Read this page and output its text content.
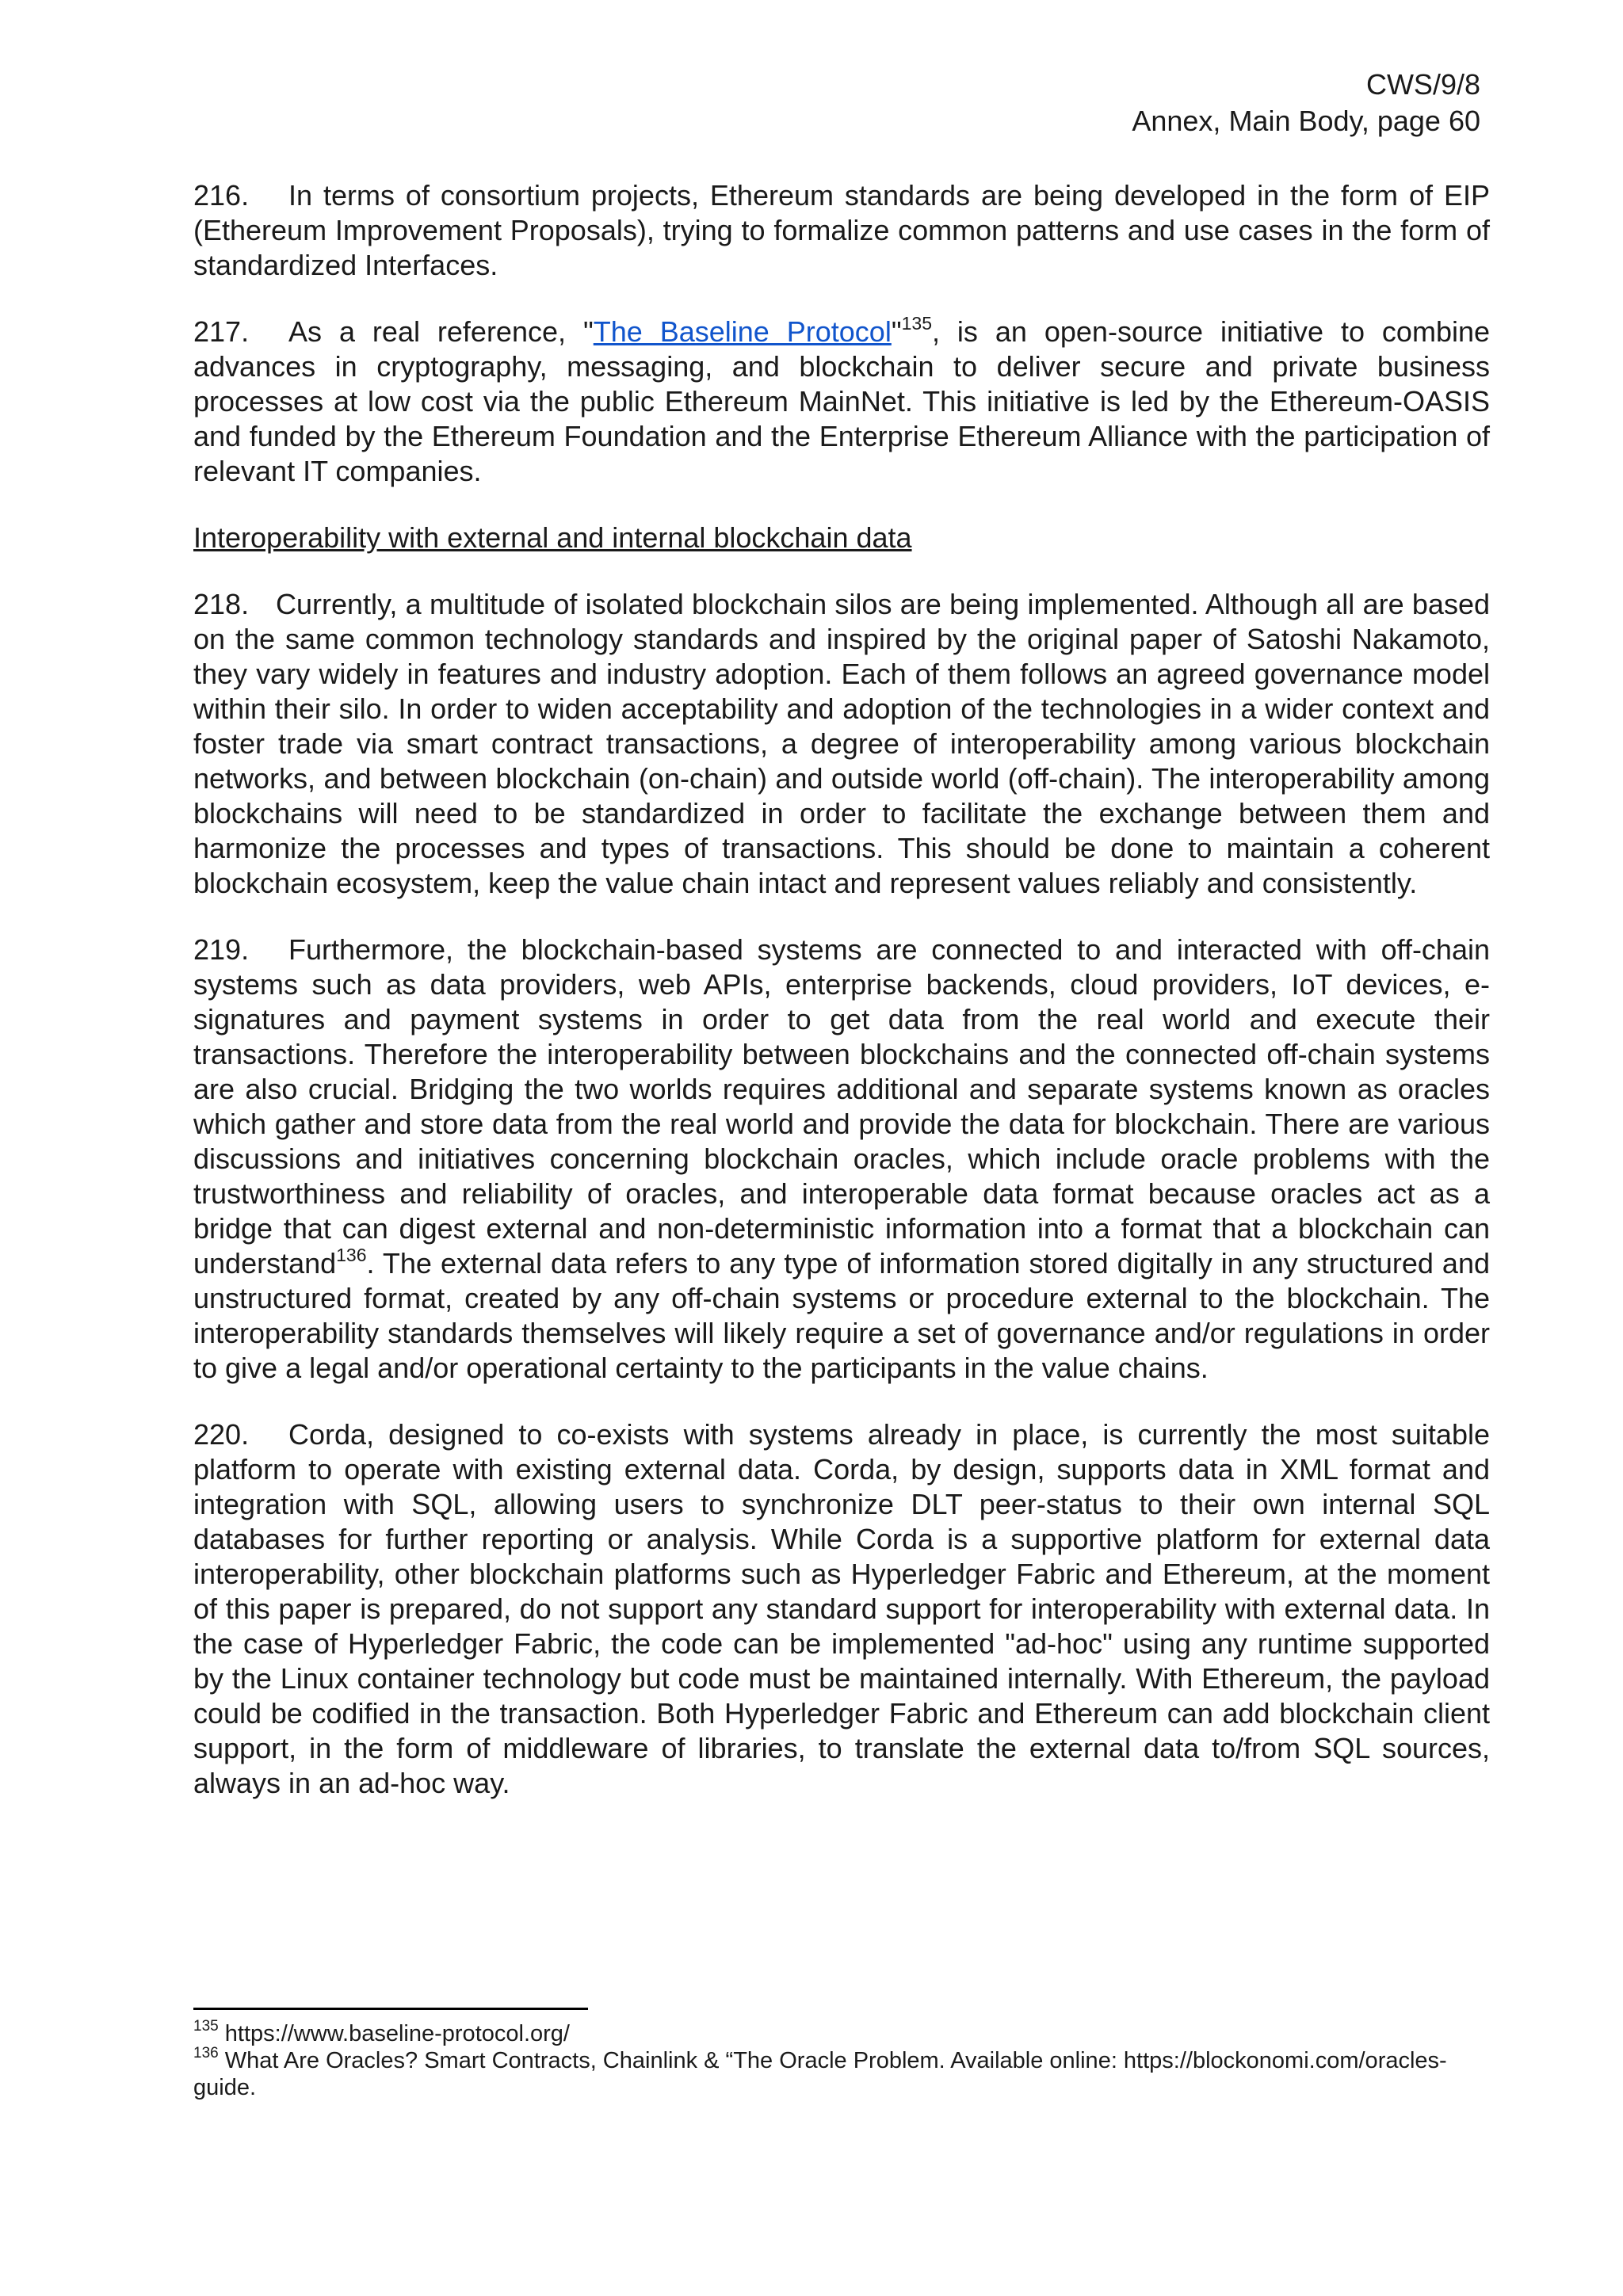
CWS/9/8
Annex, Main Body, page 60

216. In terms of consortium projects, Ethereum standards are being developed in the form of EIP (Ethereum Improvement Proposals), trying to formalize common patterns and use cases in the form of standardized Interfaces.

217. As a real reference, "The Baseline Protocol"$^{135}$, is an open-source initiative to combine advances in cryptography, messaging, and blockchain to deliver secure and private business processes at low cost via the public Ethereum MainNet. This initiative is led by the Ethereum-OASIS and funded by the Ethereum Foundation and the Enterprise Ethereum Alliance with the participation of relevant IT companies.

Interoperability with external and internal blockchain data

218. Currently, a multitude of isolated blockchain silos are being implemented. Although all are based on the same common technology standards and inspired by the original paper of Satoshi Nakamoto, they vary widely in features and industry adoption. Each of them follows an agreed governance model within their silo. In order to widen acceptability and adoption of the technologies in a wider context and foster trade via smart contract transactions, a degree of interoperability among various blockchain networks, and between blockchain (on-chain) and outside world (off-chain). The interoperability among blockchains will need to be standardized in order to facilitate the exchange between them and harmonize the processes and types of transactions. This should be done to maintain a coherent blockchain ecosystem, keep the value chain intact and represent values reliably and consistently.

219. Furthermore, the blockchain-based systems are connected to and interacted with off-chain systems such as data providers, web APIs, enterprise backends, cloud providers, IoT devices, e-signatures and payment systems in order to get data from the real world and execute their transactions. Therefore the interoperability between blockchains and the connected off-chain systems are also crucial. Bridging the two worlds requires additional and separate systems known as oracles which gather and store data from the real world and provide the data for blockchain. There are various discussions and initiatives concerning blockchain oracles, which include oracle problems with the trustworthiness and reliability of oracles, and interoperable data format because oracles act as a bridge that can digest external and non-deterministic information into a format that a blockchain can understand$^{136}$. The external data refers to any type of information stored digitally in any structured and unstructured format, created by any off-chain systems or procedure external to the blockchain. The interoperability standards themselves will likely require a set of governance and/or regulations in order to give a legal and/or operational certainty to the participants in the value chains.

220. Corda, designed to co-exists with systems already in place, is currently the most suitable platform to operate with existing external data. Corda, by design, supports data in XML format and integration with SQL, allowing users to synchronize DLT peer-status to their own internal SQL databases for further reporting or analysis. While Corda is a supportive platform for external data interoperability, other blockchain platforms such as Hyperledger Fabric and Ethereum, at the moment of this paper is prepared, do not support any standard support for interoperability with external data. In the case of Hyperledger Fabric, the code can be implemented "ad-hoc" using any runtime supported by the Linux container technology but code must be maintained internally. With Ethereum, the payload could be codified in the transaction. Both Hyperledger Fabric and Ethereum can add blockchain client support, in the form of middleware of libraries, to translate the external data to/from SQL sources, always in an ad-hoc way.

$^{135}$ https://www.baseline-protocol.org/

$^{136}$ What Are Oracles? Smart Contracts, Chainlink & “The Oracle Problem. Available online: https://blockonomi.com/oracles-guide.
